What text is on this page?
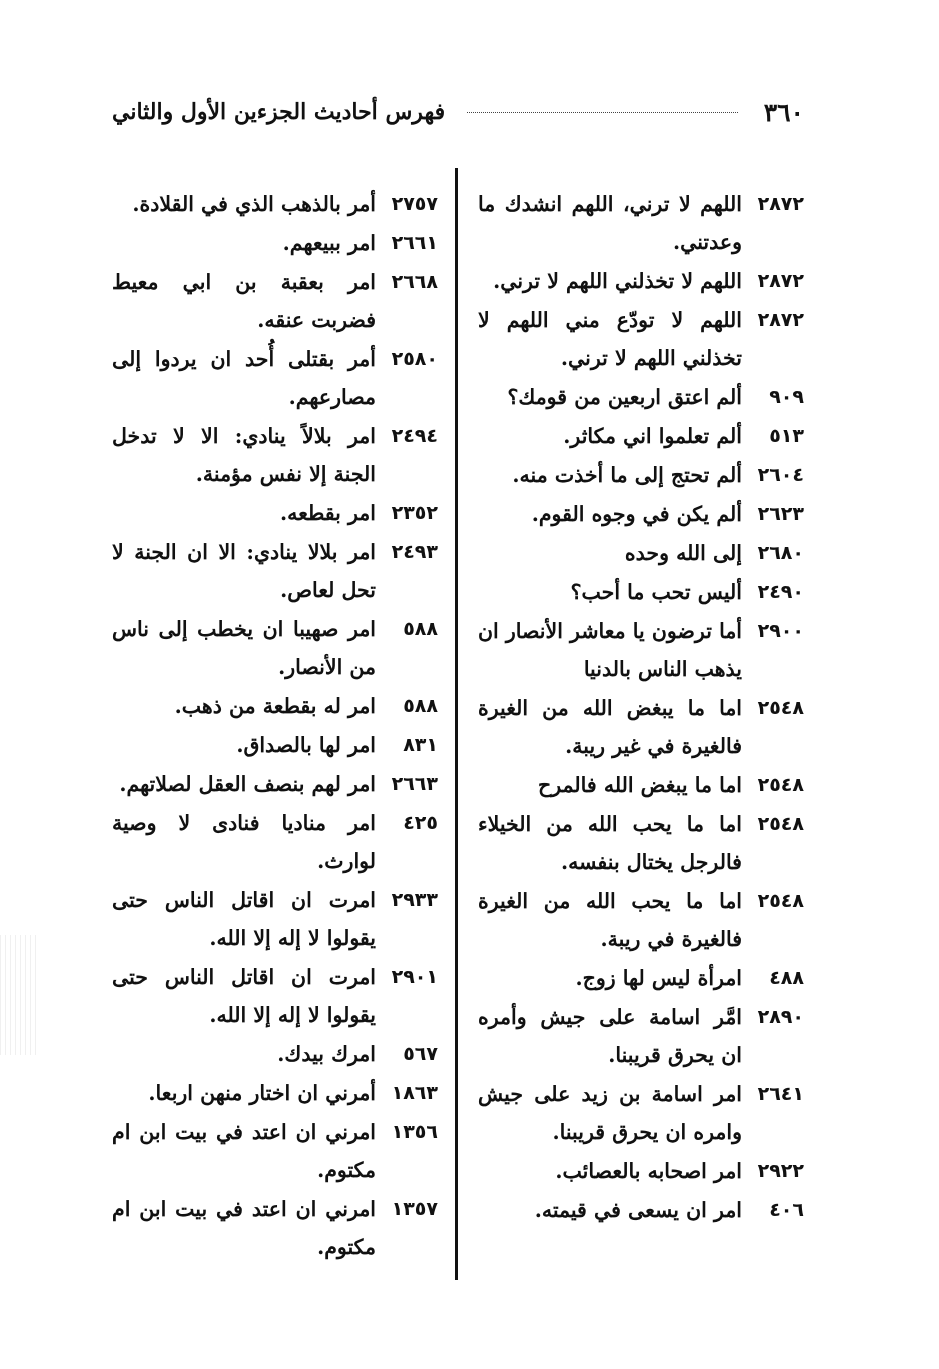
٣٦٠
فهرس أحاديث الجزءين الأول والثاني
٢٨٧٢
اللهم لا ترني، اللهم انشدك ما وعدتني.
٢٨٧٢
اللهم لا تخذلني اللهم لا ترني.
٢٨٧٢
اللهم لا تودّع مني اللهم لا تخذلني اللهم لا ترني.
٩٠٩
ألم اعتق اربعين من قومك؟
٥١٣
ألم تعلموا اني مكاثر.
٢٦٠٤
ألم تحتج إلى ما أخذت منه.
٢٦٢٣
ألم يكن في وجوه القوم.
٢٦٨٠
إلى الله وحده
٢٤٩٠
أليس تحب ما أحب؟
٢٩٠٠
أما ترضون يا معاشر الأنصار ان يذهب الناس بالدنيا
٢٥٤٨
اما ما يبغض الله من الغيرة فالغيرة في غير ريبة.
٢٥٤٨
اما ما يبغض الله فالمرح
٢٥٤٨
اما ما يحب الله من الخيلاء فالرجل يختال بنفسه.
٢٥٤٨
اما ما يحب الله من الغيرة فالغيرة في ريبة.
٤٨٨
امرأة ليس لها زوج.
٢٨٩٠
امَّر اسامة على جيش وأمره ان يحرق قريبنا.
٢٦٤١
امر اسامة بن زيد على جيش وامره ان يحرق قريبنا.
٢٩٢٢
امر اصحابه بالعصائب.
٤٠٦
امر ان يسعى في قيمته.
٢٧٥٧
أمر بالذهب الذي في القلادة.
٢٦٦١
امر ببيعهم.
٢٦٦٨
امر بعقبة بن ابي معيط فضربت عنقه.
٢٥٨٠
أمر بقتلى أُحد ان يردوا إلى مصارعهم.
٢٤٩٤
امر بلالاً ينادي: الا لا تدخل الجنة إلا نفس مؤمنة.
٢٣٥٢
امر بقطعه.
٢٤٩٣
امر بلالا ينادي: الا ان الجنة لا تحل لعاص.
٥٨٨
امر صهيبا ان يخطب إلى ناس من الأنصار.
٥٨٨
امر له بقطعة من ذهب.
٨٣١
امر لها بالصداق.
٢٦٦٣
امر لهم بنصف العقل لصلاتهم.
٤٢٥
امر مناديا فنادى لا وصية لوارث.
٢٩٣٣
امرت ان اقاتل الناس حتى يقولوا لا إله إلا الله.
٢٩٠١
امرت ان اقاتل الناس حتى يقولوا لا إله إلا الله.
٥٦٧
امرك بيدك.
١٨٦٣
أمرني ان اختار منهن اربعا.
١٣٥٦
امرني ان اعتد في بيت ابن ام مكتوم.
١٣٥٧
امرني ان اعتد في بيت ابن ام مكتوم.
